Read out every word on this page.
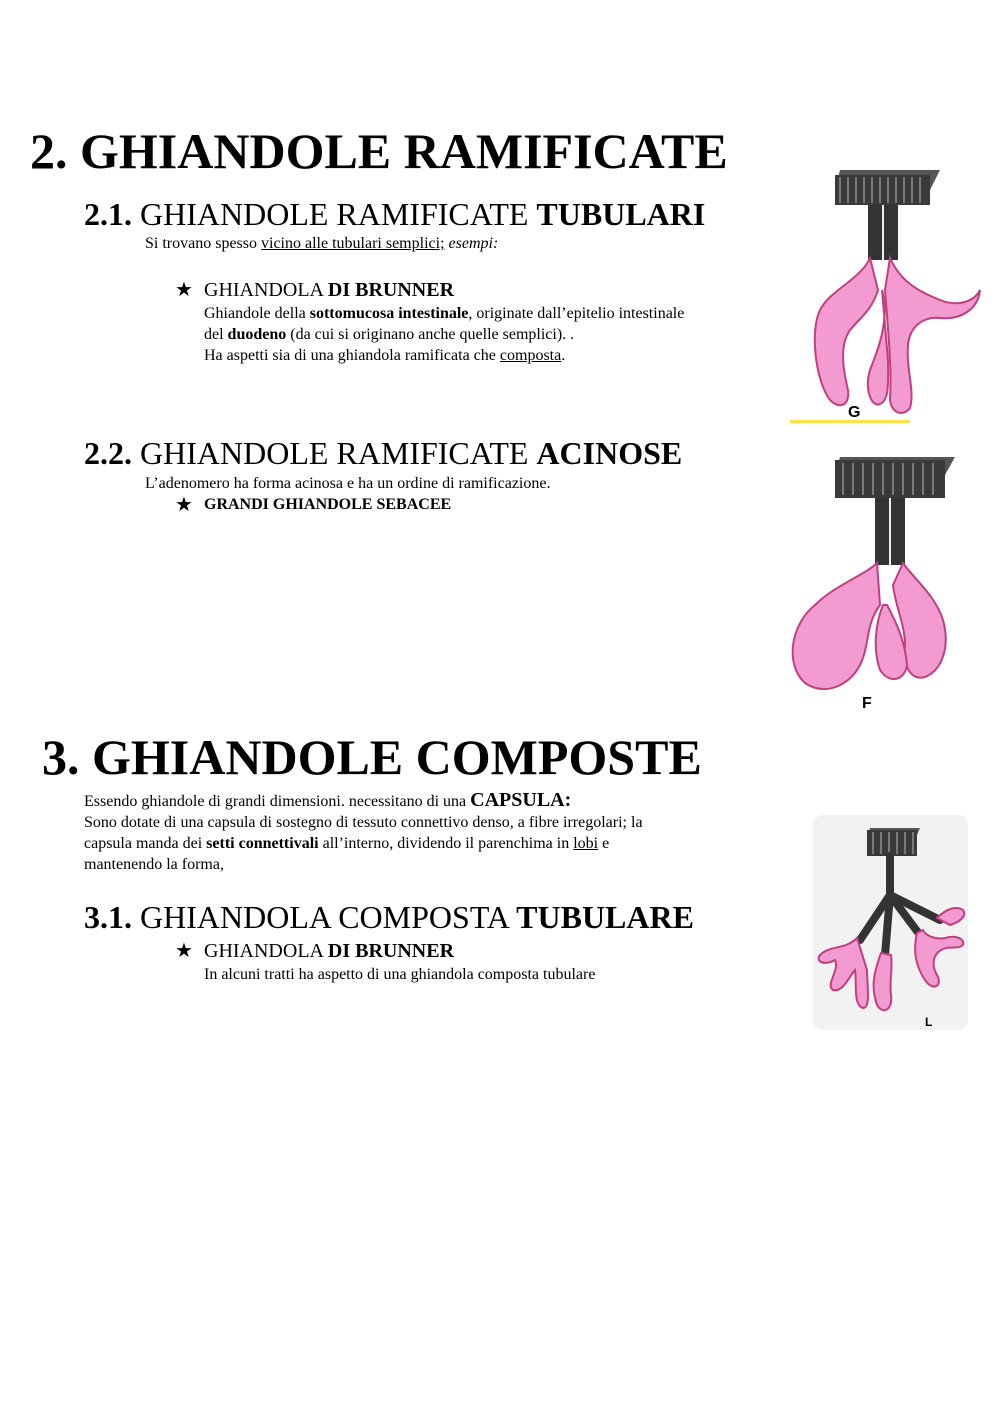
2. GHIANDOLE RAMIFICATE
2.1. GHIANDOLE RAMIFICATE TUBULARI
Si trovano spesso vicino alle tubulari semplici; esempi:
★ GHIANDOLA DI BRUNNER
Ghiandole della sottomucosa intestinale, originate dall’epitelio intestinale
del duodeno (da cui si originano anche quelle semplici). .
Ha aspetti sia di una ghiandola ramificata che composta.
G
2.2. GHIANDOLE RAMIFICATE ACINOSE
L’adenomero ha forma acinosa e ha un ordine di ramificazione.
★ GRANDI GHIANDOLE SEBACEE
F
3. GHIANDOLE COMPOSTE
Essendo ghiandole di grandi dimensioni. necessitano di una CAPSULA:
Sono dotate di una capsula di sostegno di tessuto connettivo denso, a fibre irregolari; la
capsula manda dei setti connettivali all’interno, dividendo il parenchima in lobi e
mantenendo la forma,
3.1. GHIANDOLA COMPOSTA TUBULARE
★ GHIANDOLA DI BRUNNER
In alcuni tratti ha aspetto di una ghiandola composta tubulare
L
